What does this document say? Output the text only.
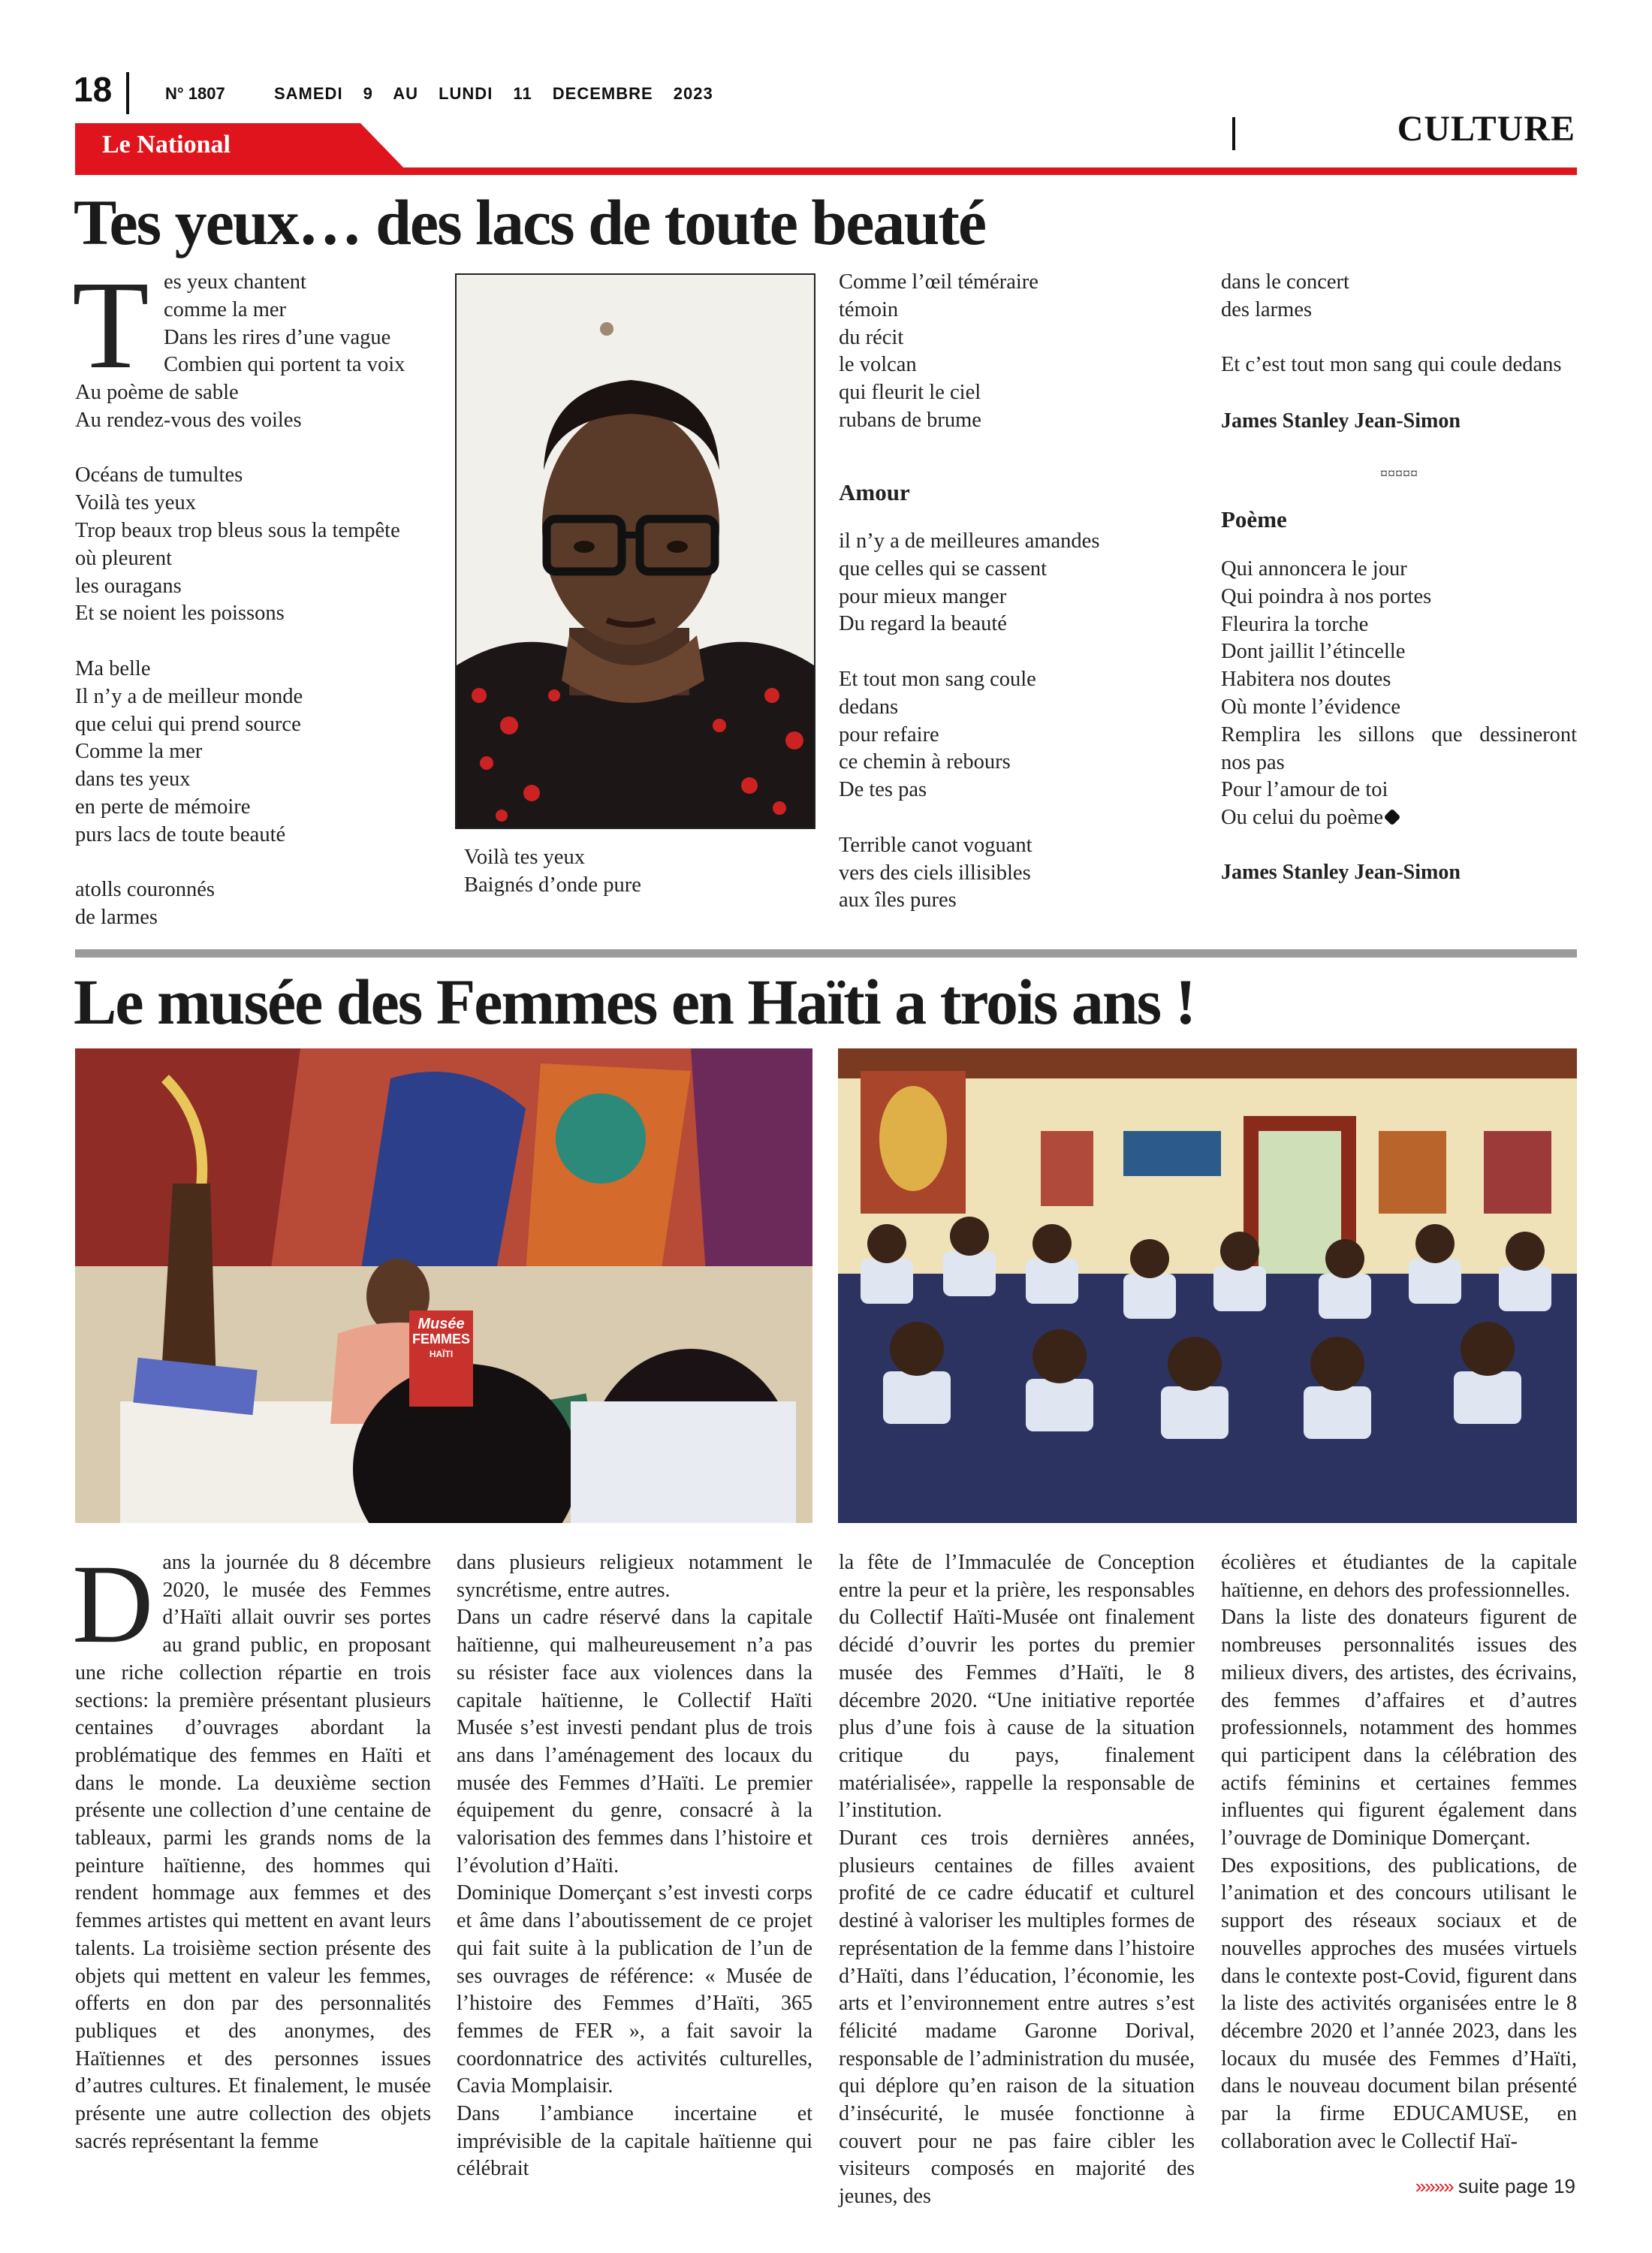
18	N° 1807	SAMEDI 9 AU LUNDI 11 DECEMBRE 2023
Le National	CULTURE
Tes yeux… des lacs de toute beauté
T es yeux chantent
comme la mer
Dans les rires d’une vague
Combien qui portent ta voix
Au poème de sable
Au rendez-vous des voiles
Océans de tumultes
Voilà tes yeux
Trop beaux trop bleus sous la tempête
où pleurent
les ouragans
Et se noient les poissons
Ma belle
Il n’y a de meilleur monde
que celui qui prend source
Comme la mer
dans tes yeux
en perte de mémoire
purs lacs de toute beauté
atolls couronnés
de larmes
Voilà tes yeux
Baignés d’onde pure
Comme l’œil téméraire
témoin
du récit
le volcan
qui fleurit le ciel
rubans de brume
Amour
il n’y a de meilleures amandes
que celles qui se cassent
pour mieux manger
Du regard la beauté
Et tout mon sang coule
dedans
pour refaire
ce chemin à rebours
De tes pas
Terrible canot voguant
vers des ciels illisibles
aux îles pures
dans le concert
des larmes
Et c’est tout mon sang qui coule dedans
James Stanley Jean-Simon
¤¤¤¤¤
Poème
Qui annoncera le jour
Qui poindra à nos portes
Fleurira la torche
Dont jaillit l’étincelle
Habitera nos doutes
Où monte l’évidence
Remplira les sillons que dessineront
nos pas
Pour l’amour de toi
Ou celui du poème
James Stanley Jean-Simon
Le musée des Femmes en Haïti a trois ans !
Musée
FEMMES
HAÏTI
Dans la journée du 8 décembre 2020, le musée des Femmes d’Haïti allait ouvrir ses portes au grand public, en proposant une riche collection répartie en trois sections: la première présentant plusieurs centaines d’ouvrages abordant la problématique des femmes en Haïti et dans le monde. La deuxième section présente une collection d’une centaine de tableaux, parmi les grands noms de la peinture haïtienne, des hommes qui rendent hommage aux femmes et des femmes artistes qui mettent en avant leurs talents. La troisième section présente des objets qui mettent en valeur les femmes, offerts en don par des personnalités publiques et des anonymes, des Haïtiennes et des personnes issues d’autres cultures. Et finalement, le musée présente une autre collection des objets sacrés représentant la femme

dans plusieurs religieux notamment le syncrétisme, entre autres.

Dans un cadre réservé dans la capitale haïtienne, qui malheureusement n’a pas su résister face aux violences dans la capitale haïtienne, le Collectif Haïti Musée s’est investi pendant plus de trois ans dans l’aménagement des locaux du musée des Femmes d’Haïti. Le premier équipement du genre, consacré à la valorisation des femmes dans l’histoire et l’évolution d’Haïti.

Dominique Domerçant s’est investi corps et âme dans l’aboutissement de ce projet qui fait suite à la publication de l’un de ses ouvrages de référence: « Musée de l’histoire des Femmes d’Haïti, 365 femmes de FER », a fait savoir la coordonnatrice des activités culturelles, Cavia Momplaisir.

Dans l’ambiance incertaine et imprévisible de la capitale haïtienne qui célébrait

la fête de l’Immaculée de Conception entre la peur et la prière, les responsables du Collectif Haïti-Musée ont finalement décidé d’ouvrir les portes du premier musée des Femmes d’Haïti, le 8 décembre 2020. “Une initiative reportée plus d’une fois à cause de la situation critique du pays, finalement matérialisée», rappelle la responsable de l’institution.

Durant ces trois dernières années, plusieurs centaines de filles avaient profité de ce cadre éducatif et culturel destiné à valoriser les multiples formes de représentation de la femme dans l’histoire d’Haïti, dans l’éducation, l’économie, les arts et l’environnement entre autres s’est félicité madame Garonne Dorival, responsable de l’administration du musée, qui déplore qu’en raison de la situation d’insécurité, le musée fonctionne à couvert pour ne pas faire cibler les visiteurs composés en majorité des jeunes, des

écolières et étudiantes de la capitale haïtienne, en dehors des professionnelles.

Dans la liste des donateurs figurent de nombreuses personnalités issues des milieux divers, des artistes, des écrivains, des femmes d’affaires et d’autres professionnels, notamment des hommes qui participent dans la célébration des actifs féminins et certaines femmes influentes qui figurent également dans l’ouvrage de Dominique Domerçant.

Des expositions, des publications, de l’animation et des concours utilisant le support des réseaux sociaux et de nouvelles approches des musées virtuels dans le contexte post-Covid, figurent dans la liste des activités organisées entre le 8 décembre 2020 et l’année 2023, dans les locaux du musée des Femmes d’Haïti, dans le nouveau document bilan présenté par la firme EDUCAMUSE, en collaboration avec le Collectif Haï-

»»»» suite page 19
